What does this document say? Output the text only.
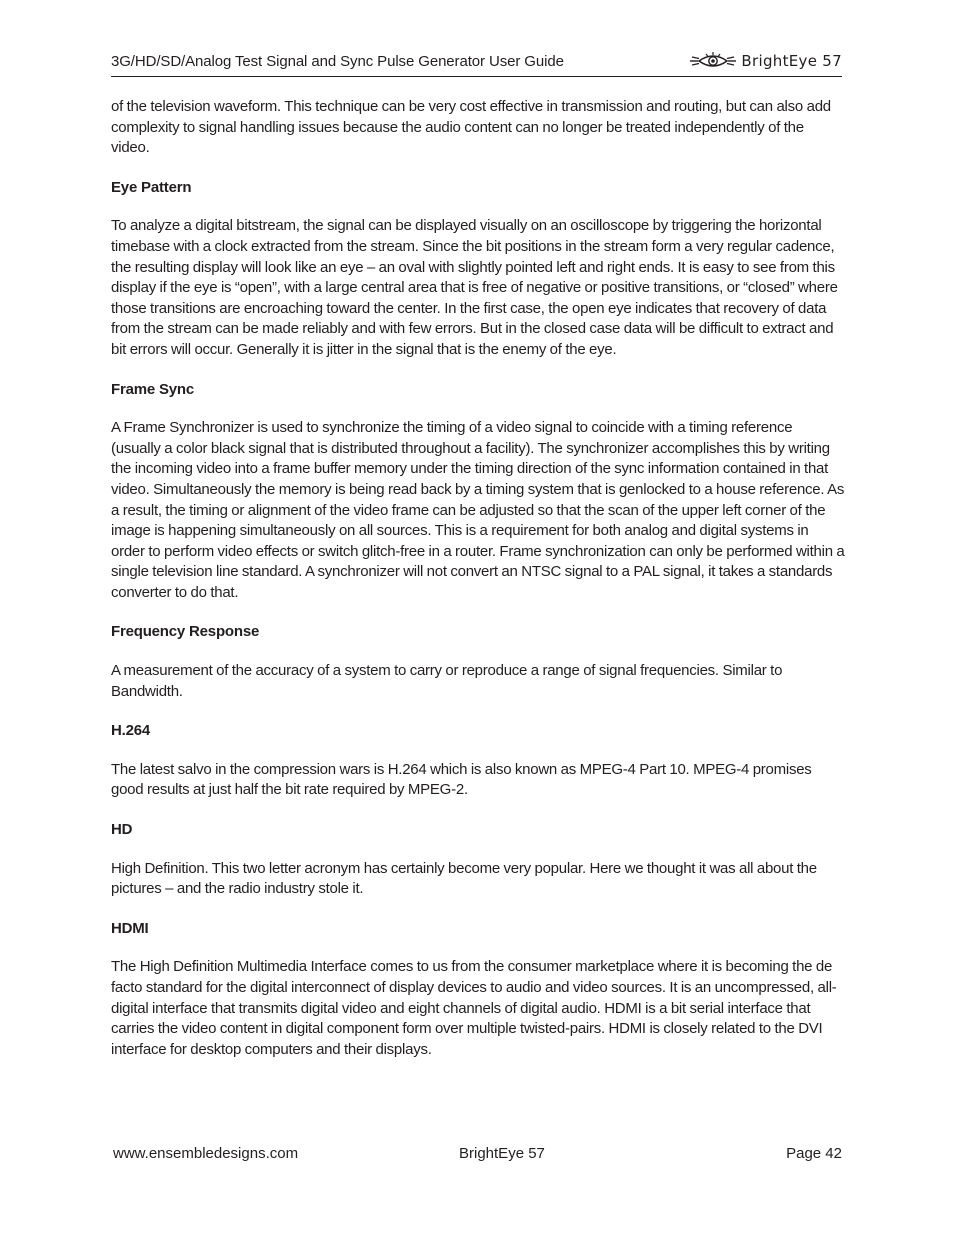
3G/HD/SD/Analog Test Signal and Sync Pulse Generator User Guide	BrightEye 57

of the television waveform. This technique can be very cost effective in transmission and routing, but can also add complexity to signal handling issues because the audio content can no longer be treated independently of the video.

Eye Pattern

To analyze a digital bitstream, the signal can be displayed visually on an oscilloscope by triggering the horizontal timebase with a clock extracted from the stream. Since the bit positions in the stream form a very regular cadence, the resulting display will look like an eye – an oval with slightly pointed left and right ends. It is easy to see from this display if the eye is “open”, with a large central area that is free of negative or positive transitions, or “closed” where those transitions are encroaching toward the center. In the first case, the open eye indicates that recovery of data from the stream can be made reliably and with few errors. But in the closed case data will be difficult to extract and bit errors will occur. Generally it is jitter in the signal that is the enemy of the eye.

Frame Sync

A Frame Synchronizer is used to synchronize the timing of a video signal to coincide with a timing reference (usually a color black signal that is distributed throughout a facility). The synchronizer accomplishes this by writing the incoming video into a frame buffer memory under the timing direction of the sync information contained in that video. Simultaneously the memory is being read back by a timing system that is genlocked to a house reference. As a result, the timing or alignment of the video frame can be adjusted so that the scan of the upper left corner of the image is happening simultaneously on all sources. This is a requirement for both analog and digital systems in order to perform video effects or switch glitch-free in a router. Frame synchronization can only be performed within a single television line standard. A synchronizer will not convert an NTSC signal to a PAL signal, it takes a standards converter to do that.

Frequency Response

A measurement of the accuracy of a system to carry or reproduce a range of signal frequencies. Similar to Bandwidth.

H.264

The latest salvo in the compression wars is H.264 which is also known as MPEG-4 Part 10. MPEG-4 promises good results at just half the bit rate required by MPEG-2.

HD

High Definition. This two letter acronym has certainly become very popular. Here we thought it was all about the pictures – and the radio industry stole it.

HDMI

The High Definition Multimedia Interface comes to us from the consumer marketplace where it is becoming the de facto standard for the digital interconnect of display devices to audio and video sources. It is an uncompressed, all-digital interface that transmits digital video and eight channels of digital audio. HDMI is a bit serial interface that carries the video content in digital component form over multiple twisted-pairs. HDMI is closely related to the DVI interface for desktop computers and their displays.

www.ensembledesigns.com	BrightEye 57	Page 42
